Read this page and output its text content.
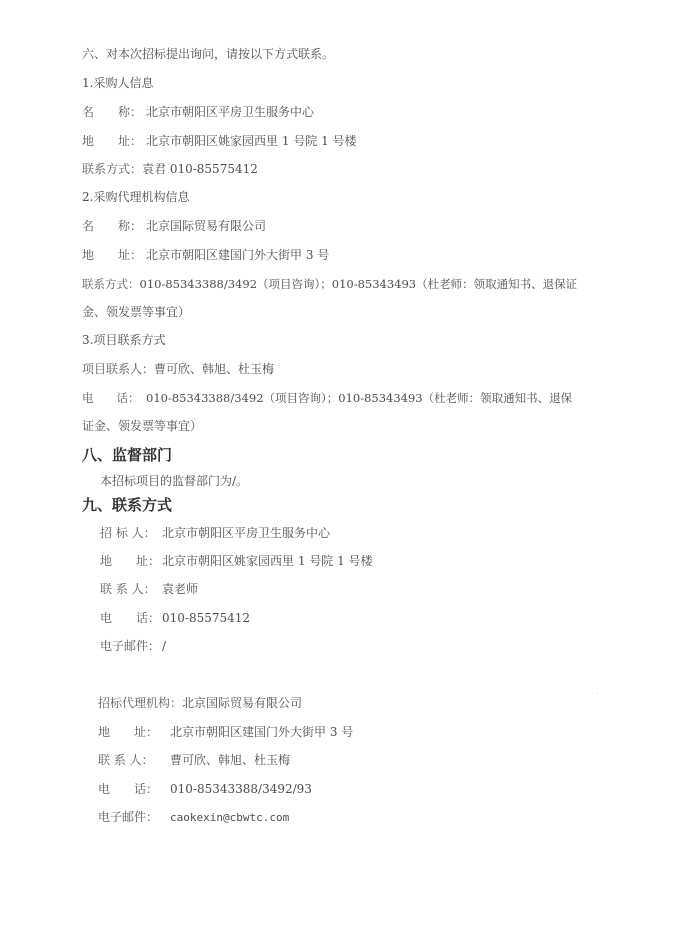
六、对本次招标提出询问，请按以下方式联系。
1.采购人信息
名　　称： 北京市朝阳区平房卫生服务中心
地　　址： 北京市朝阳区姚家园西里 1 号院 1 号楼
联系方式：袁君 010-85575412
2.采购代理机构信息
名　　称： 北京国际贸易有限公司
地　　址： 北京市朝阳区建国门外大街甲 3 号
联系方式：010-85343388/3492（项目咨询）；010-85343493（杜老师：领取通知书、退保证
金、领发票等事宜）
3.项目联系方式
项目联系人：曹可欣、韩旭、杜玉梅
电　　话： 010-85343388/3492（项目咨询）；010-85343493（杜老师：领取通知书、退保
证金、领发票等事宜）
八、监督部门
本招标项目的监督部门为/。
九、联系方式
招 标 人： 北京市朝阳区平房卫生服务中心
地　　址： 北京市朝阳区姚家园西里 1 号院 1 号楼
联 系 人： 袁老师
电　　话： 010-85575412
电子邮件： /
招标代理机构：北京国际贸易有限公司
地　　址： 北京市朝阳区建国门外大街甲 3 号
联 系 人： 曹可欣、韩旭、杜玉梅
电　　话： 010-85343388/3492/93
电子邮件： caokexin@cbwtc.com
